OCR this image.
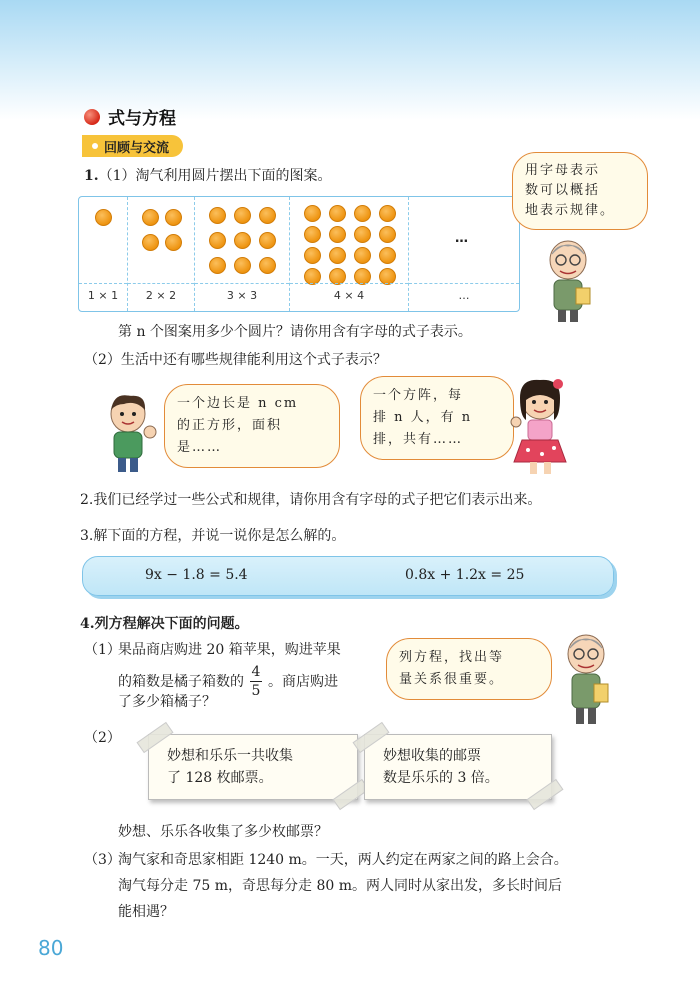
式与方程
回顾与交流
1.（1）淘气利用圆片摆出下面的图案。
1 × 1	2 × 2	3 × 3	4 × 4
…
…
用字母表示
数可以概括
地表示规律。
第 n 个图案用多少个圆片？请你用含有字母的式子表示。
（2）生活中还有哪些规律能利用这个式子表示？
一个边长是 n cm
的正方形，面积
是……
一个方阵，每
排 n 人，有 n
排，共有……
2.我们已经学过一些公式和规律，请你用含有字母的式子把它们表示出来。
3.解下面的方程，并说一说你是怎么解的。
9x − 1.8 = 5.4	0.8x + 1.2x = 25
4.列方程解决下面的问题。
（1）
果品商店购进 20 箱苹果，购进苹果
的箱数是橘子箱数的 $\frac{4}{5}$ 。商店购进
了多少箱橘子？
列方程，找出等
量关系很重要。
（2）
妙想和乐乐一共收集
了 128 枚邮票。
妙想收集的邮票
数是乐乐的 3 倍。
妙想、乐乐各收集了多少枚邮票？
（3）
淘气家和奇思家相距 1240 m。一天，两人约定在两家之间的路上会合。
淘气每分走 75 m，奇思每分走 80 m。两人同时从家出发，多长时间后
能相遇？
80
